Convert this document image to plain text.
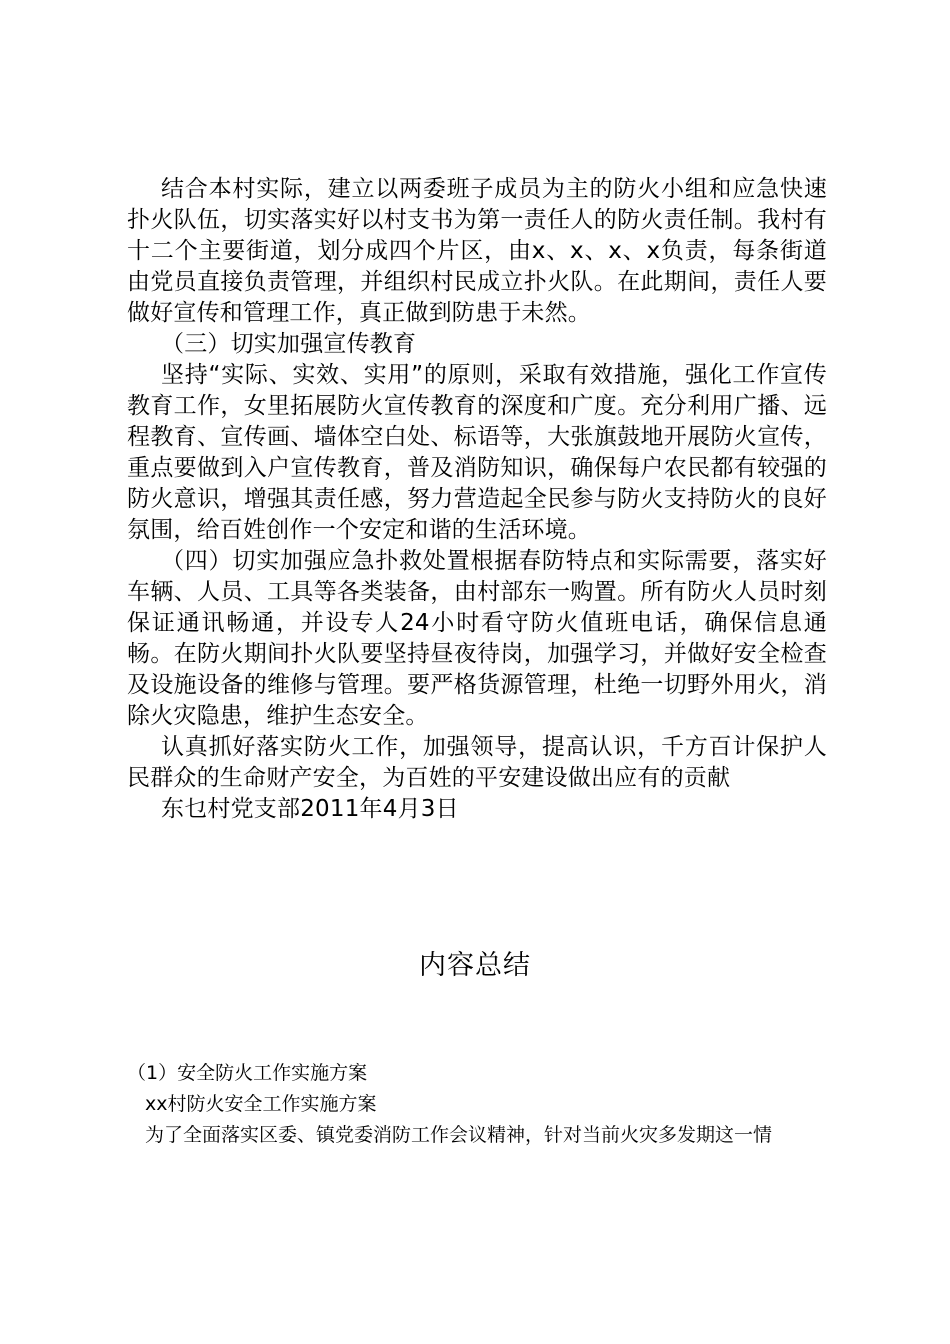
结合本村实际，建立以两委班子成员为主的防火小组和应急快速扑火队伍，切实落实好以村支书为第一责任人的防火责任制。我村有十二个主要街道，划分成四个片区，由x、x、x、x负责，每条街道由党员直接负责管理，并组织村民成立扑火队。在此期间，责任人要做好宣传和管理工作，真正做到防患于未然。

（三）切实加强宣传教育

坚持“实际、实效、实用”的原则，采取有效措施，强化工作宣传教育工作，女里拓展防火宣传教育的深度和广度。充分利用广播、远程教育、宣传画、墙体空白处、标语等，大张旗鼓地开展防火宣传，重点要做到入户宣传教育，普及消防知识，确保每户农民都有较强的防火意识，增强其责任感，努力营造起全民参与防火支持防火的良好氛围，给百姓创作一个安定和谐的生活环境。

（四）切实加强应急扑救处置根据春防特点和实际需要，落实好车辆、人员、工具等各类装备，由村部东一购置。所有防火人员时刻保证通讯畅通，并设专人24小时看守防火值班电话，确保信息通畅。在防火期间扑火队要坚持昼夜待岗，加强学习，并做好安全检查及设施设备的维修与管理。要严格货源管理，杜绝一切野外用火，消除火灾隐患，维护生态安全。

认真抓好落实防火工作，加强领导，提高认识，千方百计保护人民群众的生命财产安全，为百姓的平安建设做出应有的贡献

东乜村党支部2011年4月3日

内容总结

（1）安全防火工作实施方案

xx村防火安全工作实施方案

为了全面落实区委、镇党委消防工作会议精神，针对当前火灾多发期这一情
